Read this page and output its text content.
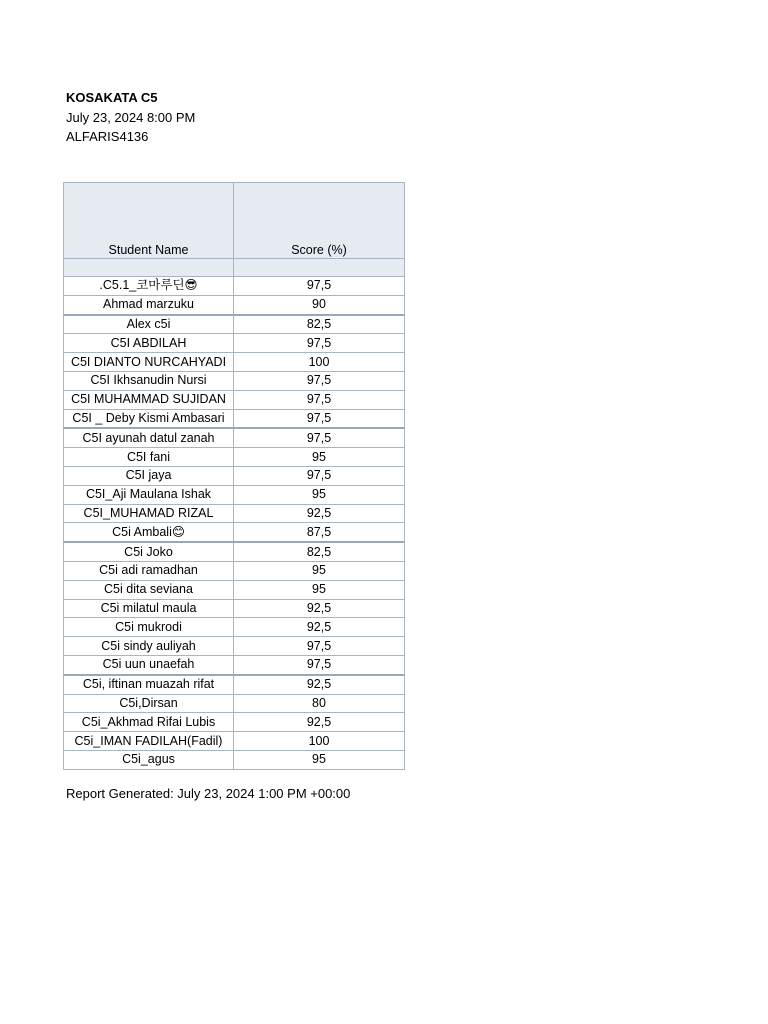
KOSAKATA C5
July 23, 2024 8:00 PM
ALFARIS4136
Student Name	Score (%)

.C5.1_코마루딘😎	97,5
Ahmad marzuku	90
Alex c5i	82,5
C5I ABDILAH	97,5
C5I DIANTO NURCAHYADI	100
C5I Ikhsanudin Nursi	97,5
C5I MUHAMMAD SUJIDAN	97,5
C5I _ Deby Kismi Ambasari	97,5
C5I ayunah datul zanah	97,5
C5I fani	95
C5I jaya	97,5
C5I_Aji Maulana Ishak	95
C5I_MUHAMAD RIZAL	92,5
C5i Ambali😊	87,5
C5i Joko	82,5
C5i adi ramadhan	95
C5i dita seviana	95
C5i milatul maula	92,5
C5i mukrodi	92,5
C5i sindy auliyah	97,5
C5i uun unaefah	97,5
C5i, iftinan muazah rifat	92,5
C5i,Dirsan	80
C5i_Akhmad Rifai Lubis	92,5
C5i_IMAN FADILAH(Fadil)	100
C5i_agus	95
Report Generated: July 23, 2024 1:00 PM +00:00
